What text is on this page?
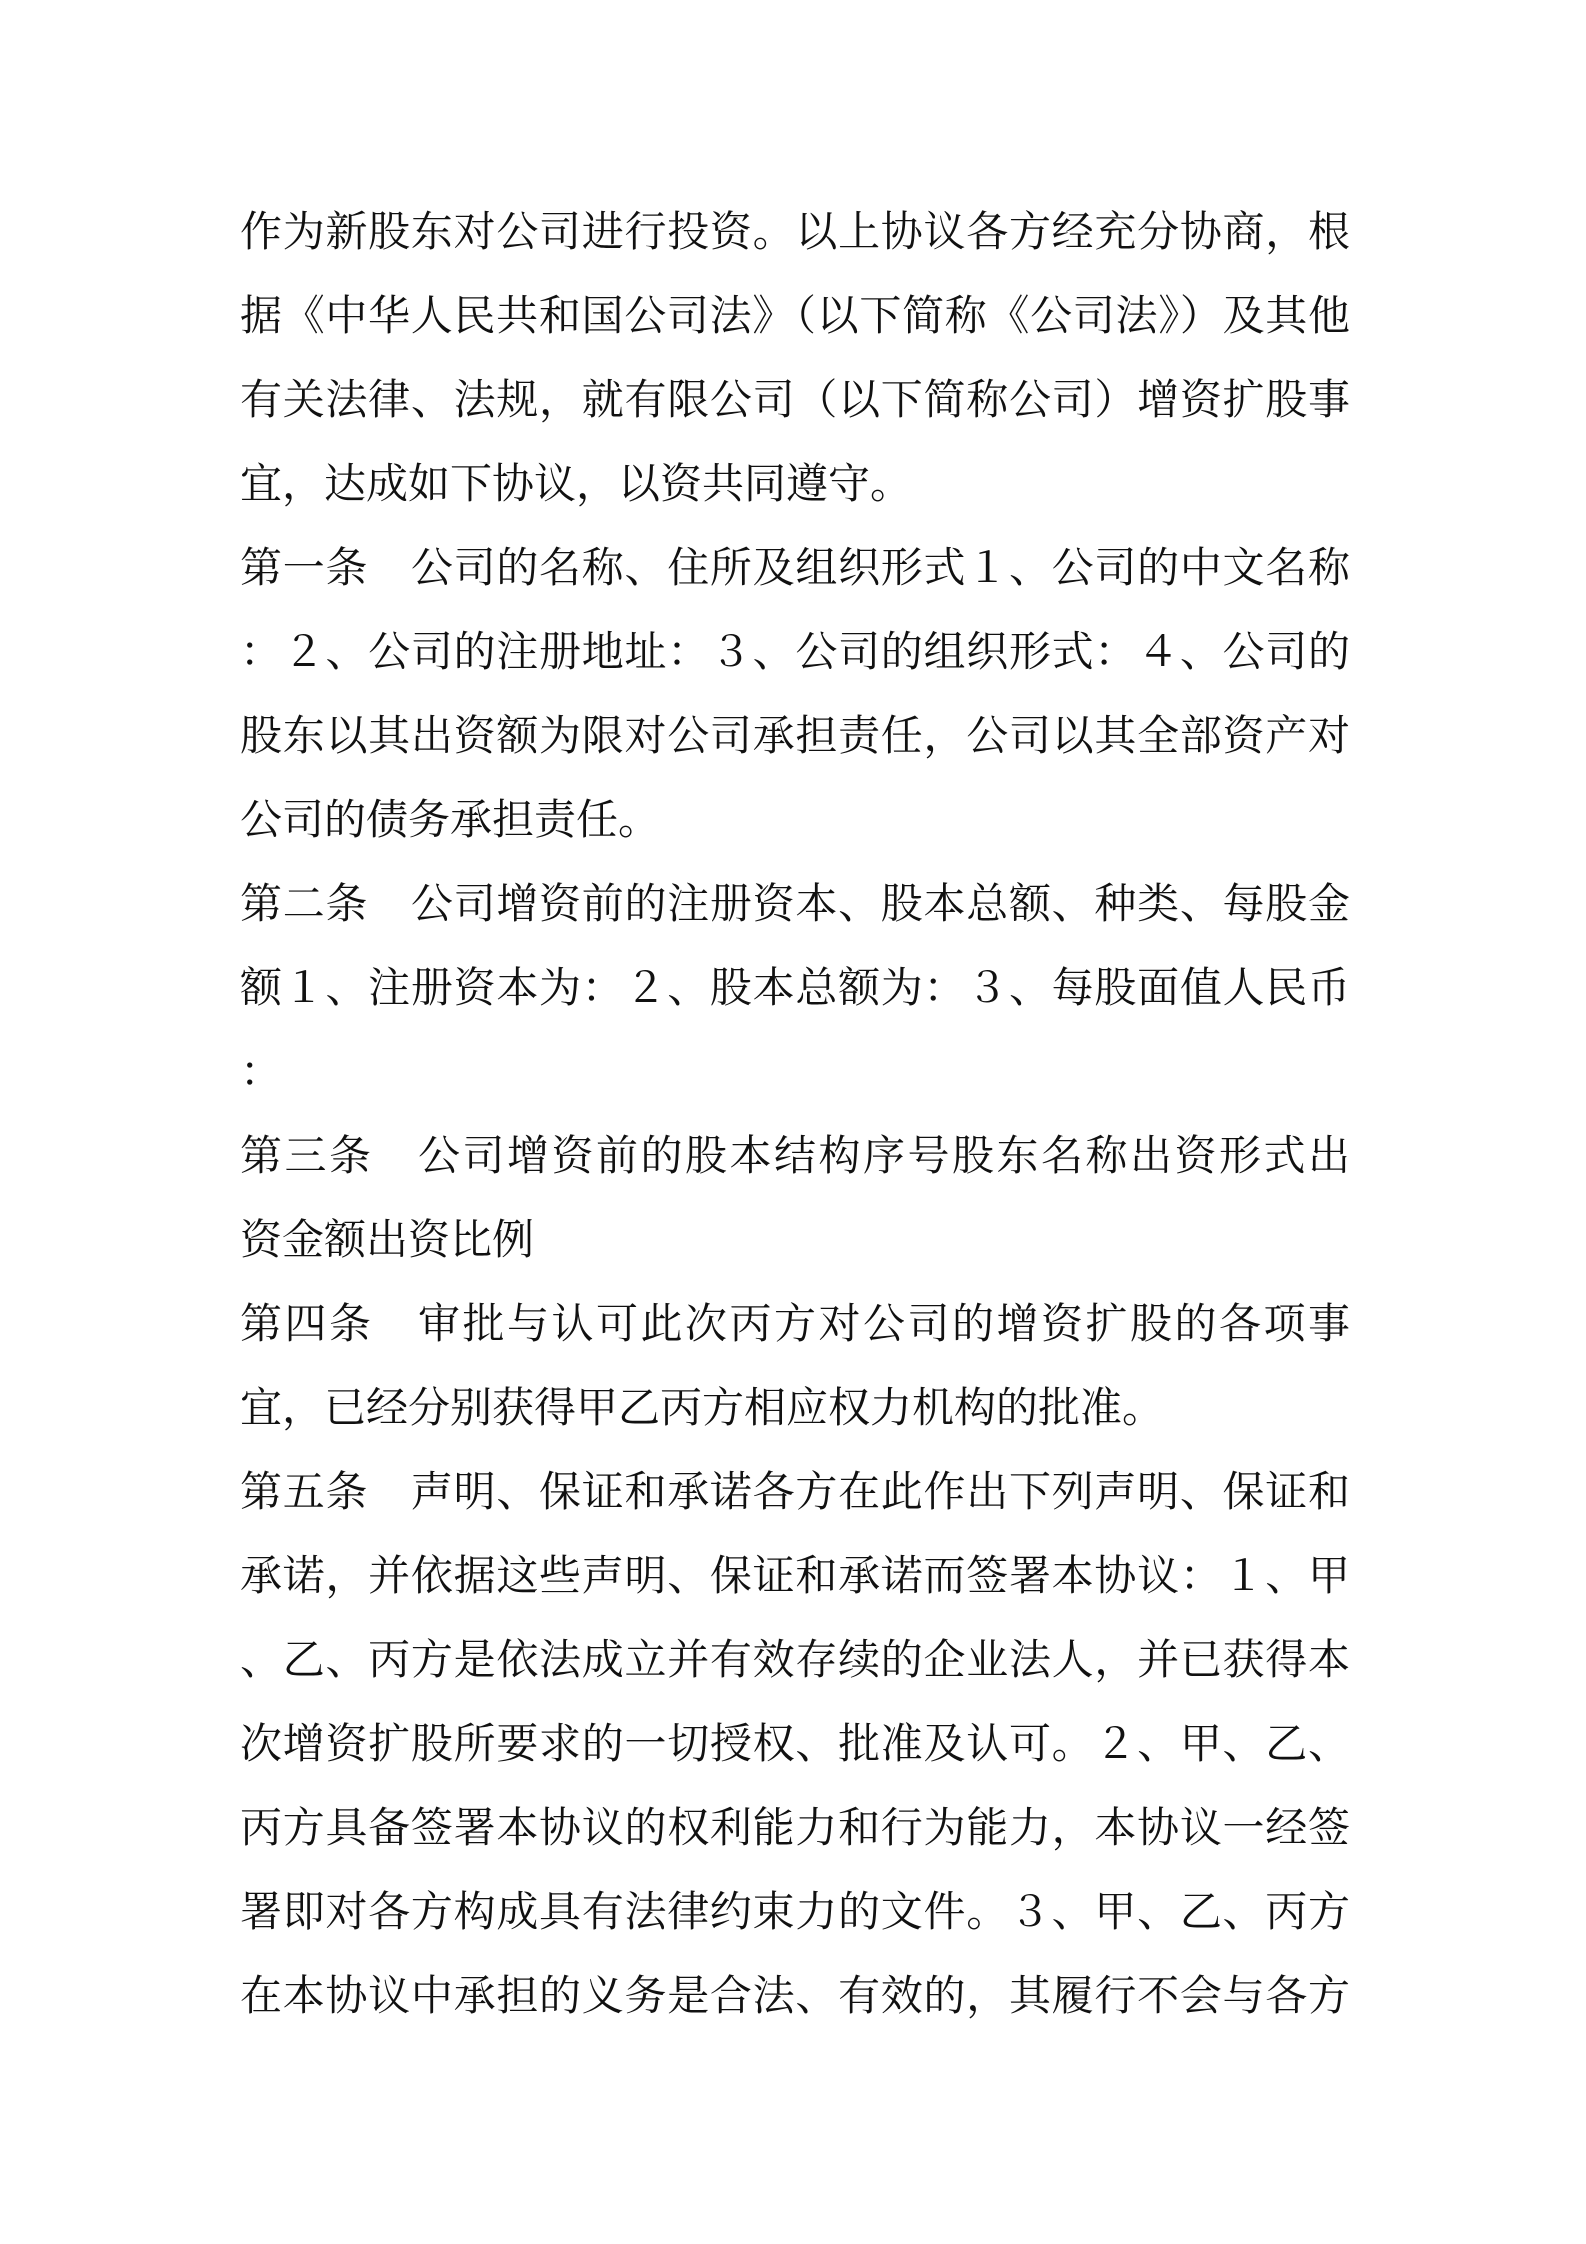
作为新股东对公司进行投资。以上协议各方经充分协商，根
据《中华人民共和国公司法》（以下简称《公司法》）及其他
有关法律、法规，就有限公司（以下简称公司）增资扩股事
宜，达成如下协议，以资共同遵守。
第一条　公司的名称、住所及组织形式１、公司的中文名称
：２、公司的注册地址：３、公司的组织形式：４、公司的
股东以其出资额为限对公司承担责任，公司以其全部资产对
公司的债务承担责任。
第二条　公司增资前的注册资本、股本总额、种类、每股金
额１、注册资本为：２、股本总额为：３、每股面值人民币
：
第三条　公司增资前的股本结构序号股东名称出资形式出
资金额出资比例
第四条　审批与认可此次丙方对公司的增资扩股的各项事
宜，已经分别获得甲乙丙方相应权力机构的批准。
第五条　声明、保证和承诺各方在此作出下列声明、保证和
承诺，并依据这些声明、保证和承诺而签署本协议：１、甲
、乙、丙方是依法成立并有效存续的企业法人，并已获得本
次增资扩股所要求的一切授权、批准及认可。２、甲、乙、
丙方具备签署本协议的权利能力和行为能力，本协议一经签
署即对各方构成具有法律约束力的文件。３、甲、乙、丙方
在本协议中承担的义务是合法、有效的，其履行不会与各方
